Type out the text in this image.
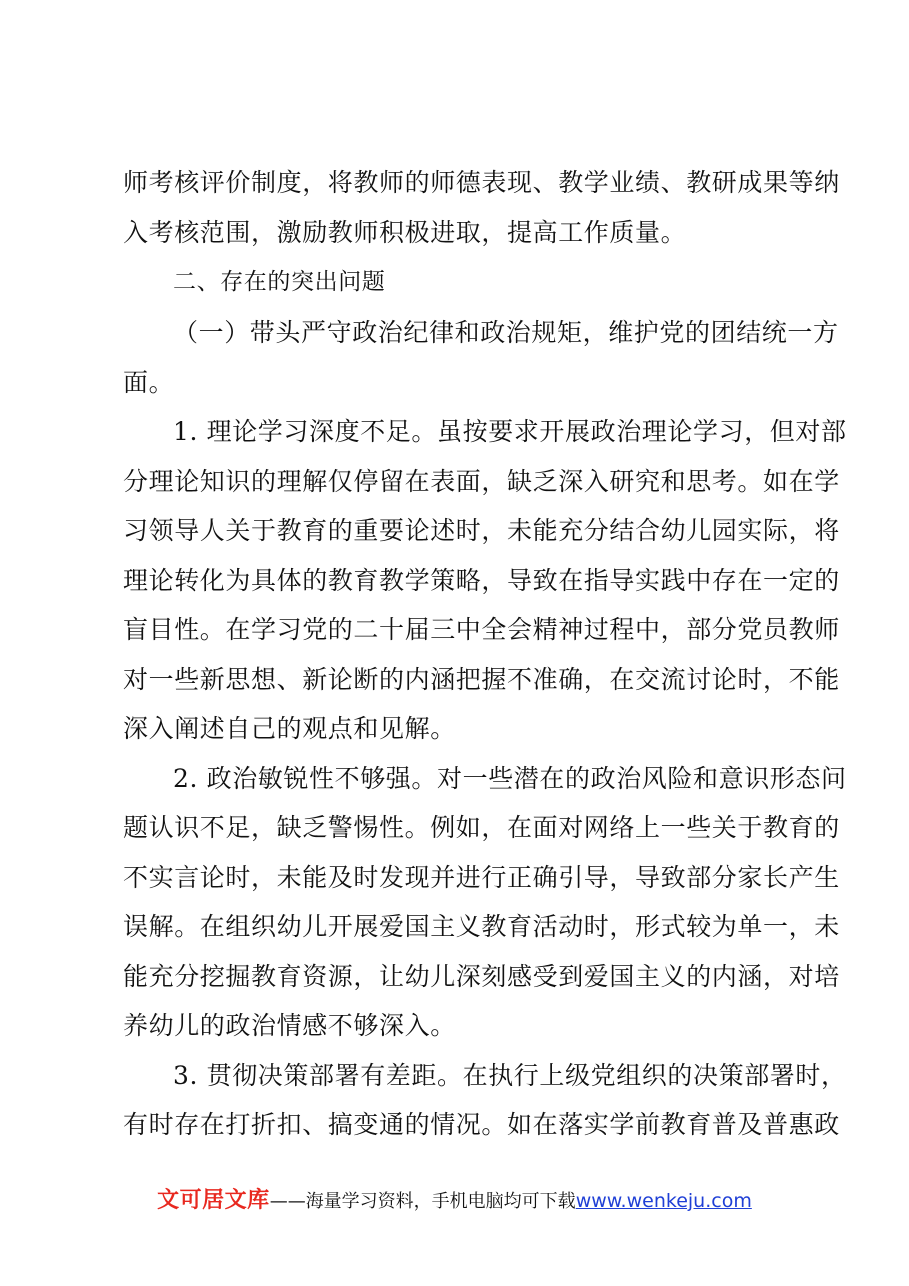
师考核评价制度，将教师的师德表现、教学业绩、教研成果等纳
入考核范围，激励教师积极进取，提高工作质量。
二、存在的突出问题
（一）带头严守政治纪律和政治规矩，维护党的团结统一方
面。
1. 理论学习深度不足。虽按要求开展政治理论学习，但对部
分理论知识的理解仅停留在表面，缺乏深入研究和思考。如在学
习领导人关于教育的重要论述时，未能充分结合幼儿园实际，将
理论转化为具体的教育教学策略，导致在指导实践中存在一定的
盲目性。在学习党的二十届三中全会精神过程中，部分党员教师
对一些新思想、新论断的内涵把握不准确，在交流讨论时，不能
深入阐述自己的观点和见解。
2. 政治敏锐性不够强。对一些潜在的政治风险和意识形态问
题认识不足，缺乏警惕性。例如，在面对网络上一些关于教育的
不实言论时，未能及时发现并进行正确引导，导致部分家长产生
误解。在组织幼儿开展爱国主义教育活动时，形式较为单一，未
能充分挖掘教育资源，让幼儿深刻感受到爱国主义的内涵，对培
养幼儿的政治情感不够深入。
3. 贯彻决策部署有差距。在执行上级党组织的决策部署时，
有时存在打折扣、搞变通的情况。如在落实学前教育普及普惠政
文可居文库——海量学习资料，手机电脑均可下载www.wenkeju.com
